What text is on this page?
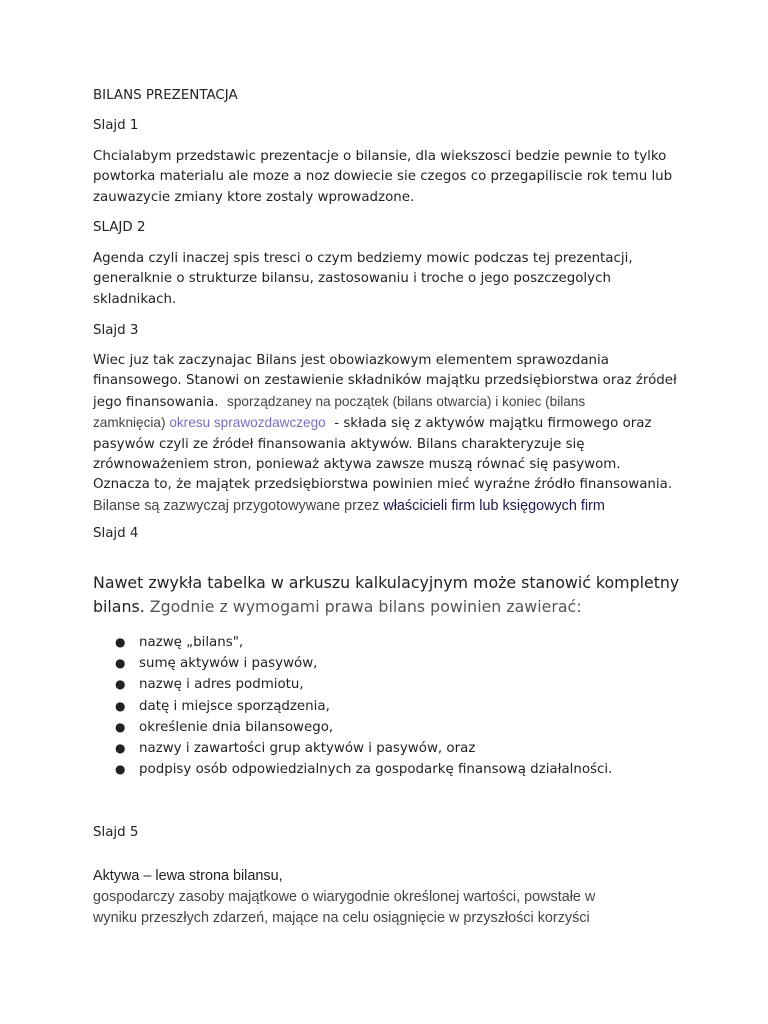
BILANS PREZENTACJA

Slajd 1

Chcialabym przedstawic prezentacje o bilansie, dla wiekszosci bedzie pewnie to tylko
powtorka materialu ale moze a noz dowiecie sie czegos co przegapiliscie rok temu lub
zauwazycie zmiany ktore zostaly wprowadzone.

SLAJD 2

Agenda czyli inaczej spis tresci o czym bedziemy mowic podczas tej prezentacji,
generalknie o strukturze bilansu, zastosowaniu i troche o jego poszczegolych
skladnikach.

Slajd 3

Wiec juz tak zaczynajac Bilans jest obowiazkowym elementem sprawozdania
finansowego. Stanowi on zestawienie składników majątku przedsiębiorstwa oraz źródeł
jego finansowania.  sporządzaney na początek (bilans otwarcia) i koniec (bilans
zamknięcia) okresu sprawozdawczego  - składa się z aktywów majątku firmowego oraz
pasywów czyli ze źródeł finansowania aktywów. Bilans charakteryzuje się
zrównoważeniem stron, ponieważ aktywa zawsze muszą równać się pasywom.
Oznacza to, że majątek przedsiębiorstwa powinien mieć wyraźne źródło finansowania.
Bilanse są zazwyczaj przygotowywane przez właścicieli firm lub księgowych firm

Slajd 4

Nawet zwykła tabelka w arkuszu kalkulacyjnym może stanowić kompletny
bilans. Zgodnie z wymogami prawa bilans powinien zawierać:
● nazwę „bilans",
● sumę aktywów i pasywów,
● nazwę i adres podmiotu,
● datę i miejsce sporządzenia,
● określenie dnia bilansowego,
● nazwy i zawartości grup aktywów i pasywów, oraz
● podpisy osób odpowiedzialnych za gospodarkę finansową działalności.

Slajd 5

Aktywa – lewa strona bilansu,
gospodarczy zasoby majątkowe o wiarygodnie określonej wartości, powstałe w
wyniku przeszłych zdarzeń, mające na celu osiągnięcie w przyszłości korzyści
